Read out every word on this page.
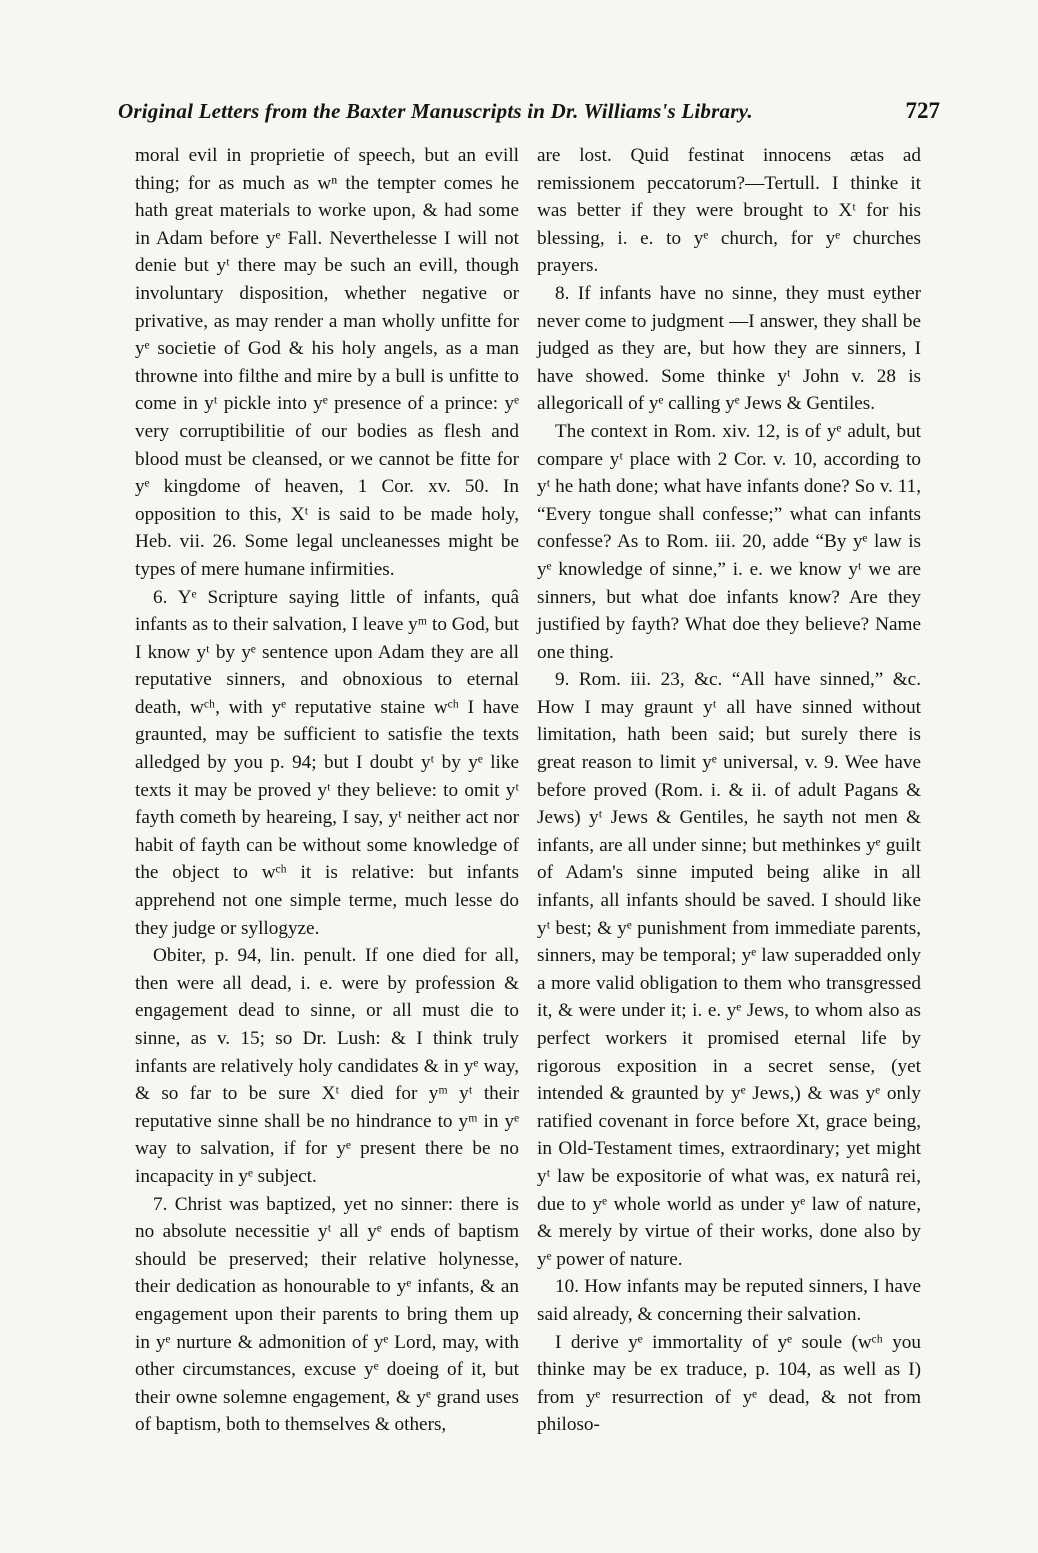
Original Letters from the Baxter Manuscripts in Dr. Williams's Library.	727

moral evil in proprietie of speech, but an evill thing; for as much as wⁿ the tempter comes he hath great materials to worke upon, & had some in Adam before yᵉ Fall. Neverthelesse I will not denie but yᵗ there may be such an evill, though involuntary disposition, whether negative or privative, as may render a man wholly unfitte for yᵉ societie of God & his holy angels, as a man throwne into filthe and mire by a bull is unfitte to come in yᵗ pickle into yᵉ presence of a prince: yᵉ very corruptibilitie of our bodies as flesh and blood must be cleansed, or we cannot be fitte for yᵉ kingdome of heaven, 1 Cor. xv. 50. In opposition to this, Xᵗ is said to be made holy, Heb. vii. 26. Some legal uncleanesses might be types of mere humane infirmities.

6. Yᵉ Scripture saying little of infants, quâ infants as to their salvation, I leave yᵐ to God, but I know yᵗ by yᵉ sentence upon Adam they are all reputative sinners, and obnoxious to eternal death, wᶜʰ, with yᵉ reputative staine wᶜʰ I have graunted, may be sufficient to satisfie the texts alledged by you p. 94; but I doubt yᵗ by yᵉ like texts it may be proved yᵗ they believe: to omit yᵗ fayth cometh by heareing, I say, yᵗ neither act nor habit of fayth can be without some knowledge of the object to wᶜʰ it is relative: but infants apprehend not one simple terme, much lesse do they judge or syllogyze.

Obiter, p. 94, lin. penult. If one died for all, then were all dead, i. e. were by profession & engagement dead to sinne, or all must die to sinne, as v. 15; so Dr. Lush: & I think truly infants are relatively holy candidates & in yᵉ way, & so far to be sure Xᵗ died for yᵐ yᵗ their reputative sinne shall be no hindrance to yᵐ in yᵉ way to salvation, if for yᵉ present there be no incapacity in yᵉ subject.

7. Christ was baptized, yet no sinner: there is no absolute necessitie yᵗ all yᵉ ends of baptism should be preserved; their relative holynesse, their dedication as honourable to yᵉ infants, & an engagement upon their parents to bring them up in yᵉ nurture & admonition of yᵉ Lord, may, with other circumstances, excuse yᵉ doeing of it, but their owne solemne engagement, & yᵉ grand uses of baptism, both to themselves & others,

are lost. Quid festinat innocens ætas ad remissionem peccatorum?—Tertull. I thinke it was better if they were brought to Xᵗ for his blessing, i. e. to yᵉ church, for yᵉ churches prayers.

8. If infants have no sinne, they must eyther never come to judgment —I answer, they shall be judged as they are, but how they are sinners, I have showed. Some thinke yᵗ John v. 28 is allegoricall of yᵉ calling yᵉ Jews & Gentiles.

The context in Rom. xiv. 12, is of yᵉ adult, but compare yᵗ place with 2 Cor. v. 10, according to yᵗ he hath done; what have infants done? So v. 11, “Every tongue shall confesse;” what can infants confesse? As to Rom. iii. 20, adde “By yᵉ law is yᵉ knowledge of sinne,” i. e. we know yᵗ we are sinners, but what doe infants know? Are they justified by fayth? What doe they believe? Name one thing.

9. Rom. iii. 23, &c. “All have sinned,” &c. How I may graunt yᵗ all have sinned without limitation, hath been said; but surely there is great reason to limit yᵉ universal, v. 9. Wee have before proved (Rom. i. & ii. of adult Pagans & Jews) yᵗ Jews & Gentiles, he sayth not men & infants, are all under sinne; but methinkes yᵉ guilt of Adam's sinne imputed being alike in all infants, all infants should be saved. I should like yᵗ best; & yᵉ punishment from immediate parents, sinners, may be temporal; yᵉ law superadded only a more valid obligation to them who transgressed it, & were under it; i. e. yᵉ Jews, to whom also as perfect workers it promised eternal life by rigorous exposition in a secret sense, (yet intended & graunted by yᵉ Jews,) & was yᵉ only ratified covenant in force before Xt, grace being, in Old-Testament times, extraordinary; yet might yᵗ law be expositorie of what was, ex naturâ rei, due to yᵉ whole world as under yᵉ law of nature, & merely by virtue of their works, done also by yᵉ power of nature.

10. How infants may be reputed sinners, I have said already, & concerning their salvation.

I derive yᵉ immortality of yᵉ soule (wᶜʰ you thinke may be ex traduce, p. 104, as well as I) from yᵉ resurrection of yᵉ dead, & not from philoso-
